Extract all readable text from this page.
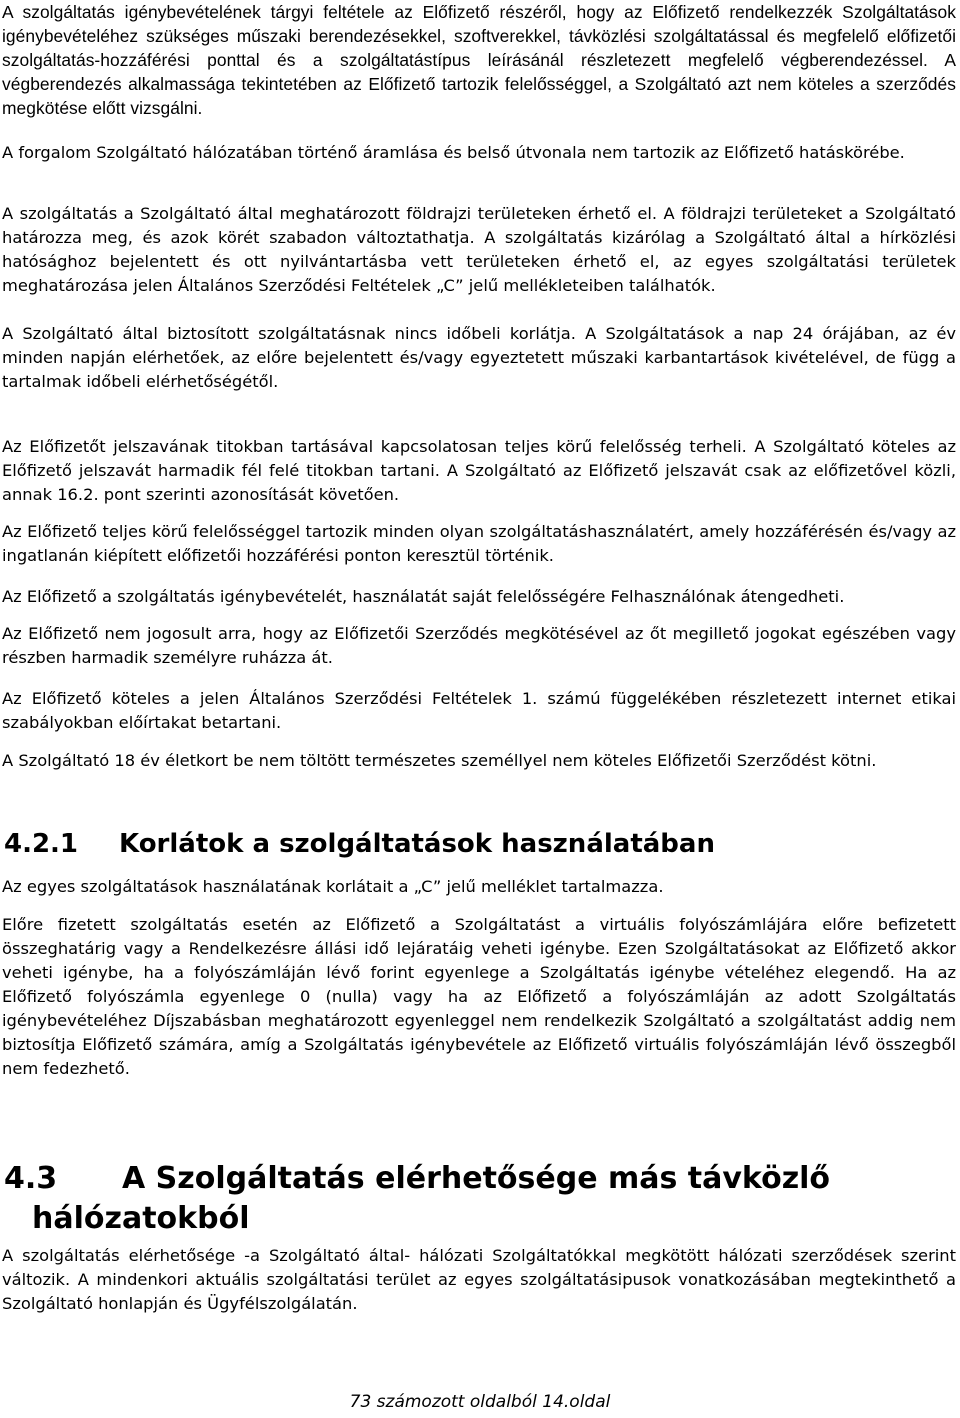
A szolgáltatás igénybevételének tárgyi feltétele az Előfizető részéről, hogy az Előfizető rendelkezzék Szolgáltatások igénybevételéhez szükséges műszaki berendezésekkel, szoftverekkel, távközlési szolgáltatással és megfelelő előfizetői szolgáltatás-hozzáférési ponttal és a szolgáltatástípus leírásánál részletezett megfelelő végberendezéssel. A végberendezés alkalmassága tekintetében az Előfizető tartozik felelősséggel, a Szolgáltató azt nem köteles a szerződés megkötése előtt vizsgálni.

A forgalom Szolgáltató hálózatában történő áramlása és belső útvonala nem tartozik az Előfizető hatáskörébe.

A szolgáltatás a Szolgáltató által meghatározott földrajzi területeken érhető el. A földrajzi területeket a Szolgáltató határozza meg, és azok körét szabadon változtathatja. A szolgáltatás kizárólag a Szolgáltató által a hírközlési hatósághoz bejelentett és ott nyilvántartásba vett területeken érhető el, az egyes szolgáltatási területek meghatározása jelen Általános Szerződési Feltételek „C” jelű mellékleteiben találhatók.

A Szolgáltató által biztosított szolgáltatásnak nincs időbeli korlátja. A Szolgáltatások a nap 24 órájában, az év minden napján elérhetőek, az előre bejelentett és/vagy egyeztetett műszaki karbantartások kivételével, de függ a tartalmak időbeli elérhetőségétől.

Az Előfizetőt jelszavának titokban tartásával kapcsolatosan teljes körű felelősség terheli. A Szolgáltató köteles az Előfizető jelszavát harmadik fél felé titokban tartani. A Szolgáltató az Előfizető jelszavát csak az előfizetővel közli, annak 16.2. pont szerinti azonosítását követően.

Az Előfizető teljes körű felelősséggel tartozik minden olyan szolgáltatáshasználatért, amely hozzáférésén és/vagy az ingatlanán kiépített előfizetői hozzáférési ponton keresztül történik.

Az Előfizető a szolgáltatás igénybevételét, használatát saját felelősségére Felhasználónak átengedheti.

Az Előfizető nem jogosult arra, hogy az Előfizetői Szerződés megkötésével az őt megillető jogokat egészében vagy részben harmadik személyre ruházza át.

Az Előfizető köteles a jelen Általános Szerződési Feltételek 1. számú függelékében részletezett internet etikai szabályokban előírtakat betartani.

A Szolgáltató 18 év életkort be nem töltött természetes személlyel nem köteles Előfizetői Szerződést kötni.

4.2.1 Korlátok a szolgáltatások használatában

Az egyes szolgáltatások használatának korlátait a „C” jelű melléklet tartalmazza.

Előre fizetett szolgáltatás esetén az Előfizető a Szolgáltatást a virtuális folyószámlájára előre befizetett összeghatárig vagy a Rendelkezésre állási idő lejáratáig veheti igénybe. Ezen Szolgáltatásokat az Előfizető akkor veheti igénybe, ha a folyószámláján lévő forint egyenlege a Szolgáltatás igénybe vételéhez elegendő. Ha az Előfizető folyószámla egyenlege 0 (nulla) vagy ha az Előfizető a folyószámláján az adott Szolgáltatás igénybevételéhez Díjszabásban meghatározott egyenleggel nem rendelkezik Szolgáltató a szolgáltatást addig nem biztosítja Előfizető számára, amíg a Szolgáltatás igénybevétele az Előfizető virtuális folyószámláján lévő összegből nem fedezhető.

4.3 A Szolgáltatás elérhetősége más távközlő
hálózatokból

A szolgáltatás elérhetősége -a Szolgáltató által- hálózati Szolgáltatókkal megkötött hálózati szerződések szerint változik. A mindenkori aktuális szolgáltatási terület az egyes szolgáltatásipusok vonatkozásában megtekinthető a Szolgáltató honlapján és Ügyfélszolgálatán.

73 számozott oldalból 14.oldal
